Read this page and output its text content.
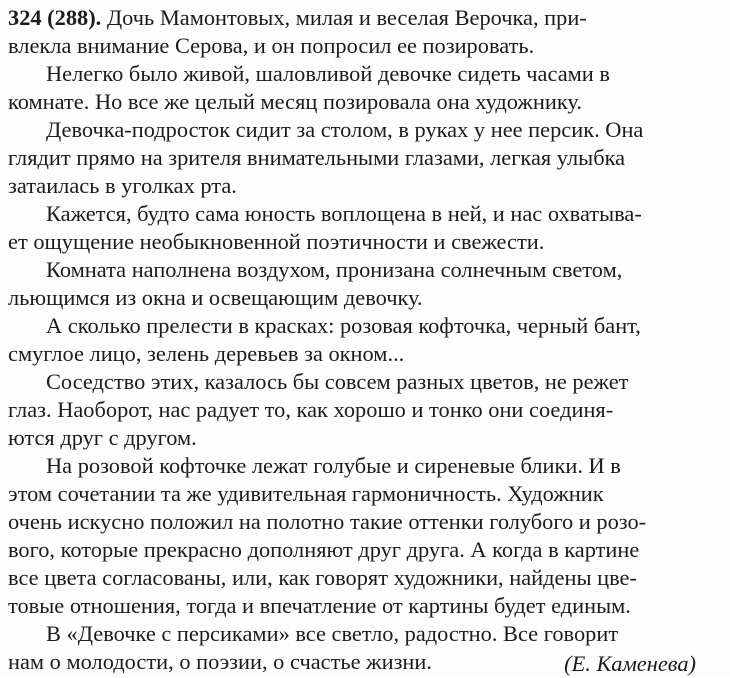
324 (288). Дочь Мамонтовых, милая и веселая Верочка, при-
влекла внимание Серова, и он попросил ее позировать.
Нелегко было живой, шаловливой девочке сидеть часами в
комнате. Но все же целый месяц позировала она художнику.
Девочка-подросток сидит за столом, в руках у нее персик. Она
глядит прямо на зрителя внимательными глазами, легкая улыбка
затаилась в уголках рта.
Кажется, будто сама юность воплощена в ней, и нас охватыва-
ет ощущение необыкновенной поэтичности и свежести.
Комната наполнена воздухом, пронизана солнечным светом,
льющимся из окна и освещающим девочку.
А сколько прелести в красках: розовая кофточка, черный бант,
смуглое лицо, зелень деревьев за окном...
Соседство этих, казалось бы совсем разных цветов, не режет
глаз. Наоборот, нас радует то, как хорошо и тонко они соединя-
ются друг с другом.
На розовой кофточке лежат голубые и сиреневые блики. И в
этом сочетании та же удивительная гармоничность. Художник
очень искусно положил на полотно такие оттенки голубого и розо-
вого, которые прекрасно дополняют друг друга. А когда в картине
все цвета согласованы, или, как говорят художники, найдены цве-
товые отношения, тогда и впечатление от картины будет единым.
В «Девочке с персиками» все светло, радостно. Все говорит
нам о молодости, о поэзии, о счастье жизни.	(Е. Каменева)
